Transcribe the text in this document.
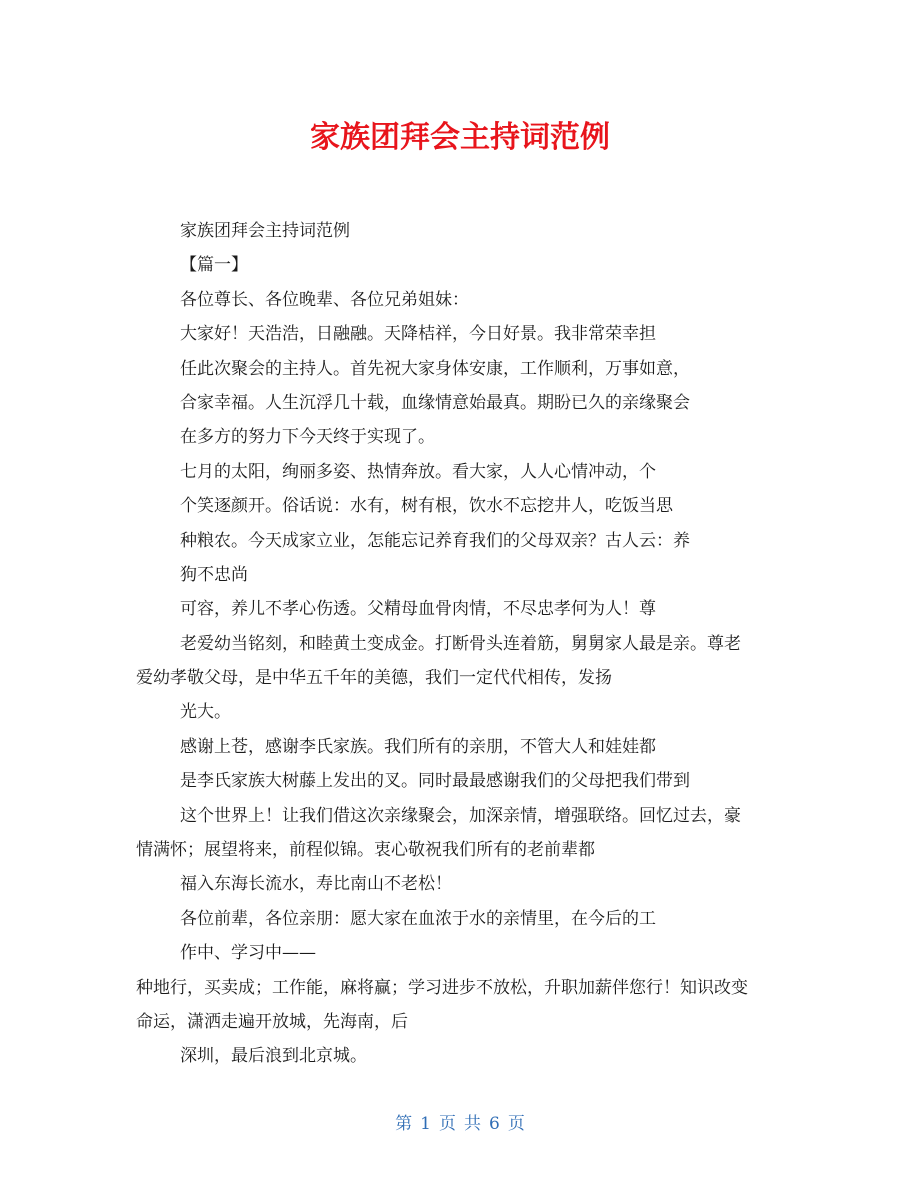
家族团拜会主持词范例
家族团拜会主持词范例
【篇一】
各位尊长、各位晚辈、各位兄弟姐妹：
大家好！天浩浩，日融融。天降桔祥，今日好景。我非常荣幸担
任此次聚会的主持人。首先祝大家身体安康，工作顺利，万事如意，
合家幸福。人生沉浮几十载，血缘情意始最真。期盼已久的亲缘聚会
在多方的努力下今天终于实现了。
七月的太阳，绚丽多姿、热情奔放。看大家，人人心情冲动，个
个笑逐颜开。俗话说：水有，树有根，饮水不忘挖井人，吃饭当思
种粮农。今天成家立业，怎能忘记养育我们的父母双亲？古人云：养
狗不忠尚
可容，养儿不孝心伤透。父精母血骨肉情，不尽忠孝何为人！尊
老爱幼当铭刻，和睦黄土变成金。打断骨头连着筋，舅舅家人最是亲。尊老
爱幼孝敬父母，是中华五千年的美德，我们一定代代相传，发扬
光大。
感谢上苍，感谢李氏家族。我们所有的亲朋，不管大人和娃娃都
是李氏家族大树藤上发出的叉。同时最最感谢我们的父母把我们带到
这个世界上！让我们借这次亲缘聚会，加深亲情，增强联络。回忆过去，豪
情满怀；展望将来，前程似锦。衷心敬祝我们所有的老前辈都
福入东海长流水，寿比南山不老松！
各位前辈，各位亲朋：愿大家在血浓于水的亲情里，在今后的工
作中、学习中——
种地行，买卖成；工作能，麻将赢；学习进步不放松，升职加薪伴您行！知识改变
命运，潇洒走遍开放城，先海南，后
深圳，最后浪到北京城。
第 1 页 共 6 页
